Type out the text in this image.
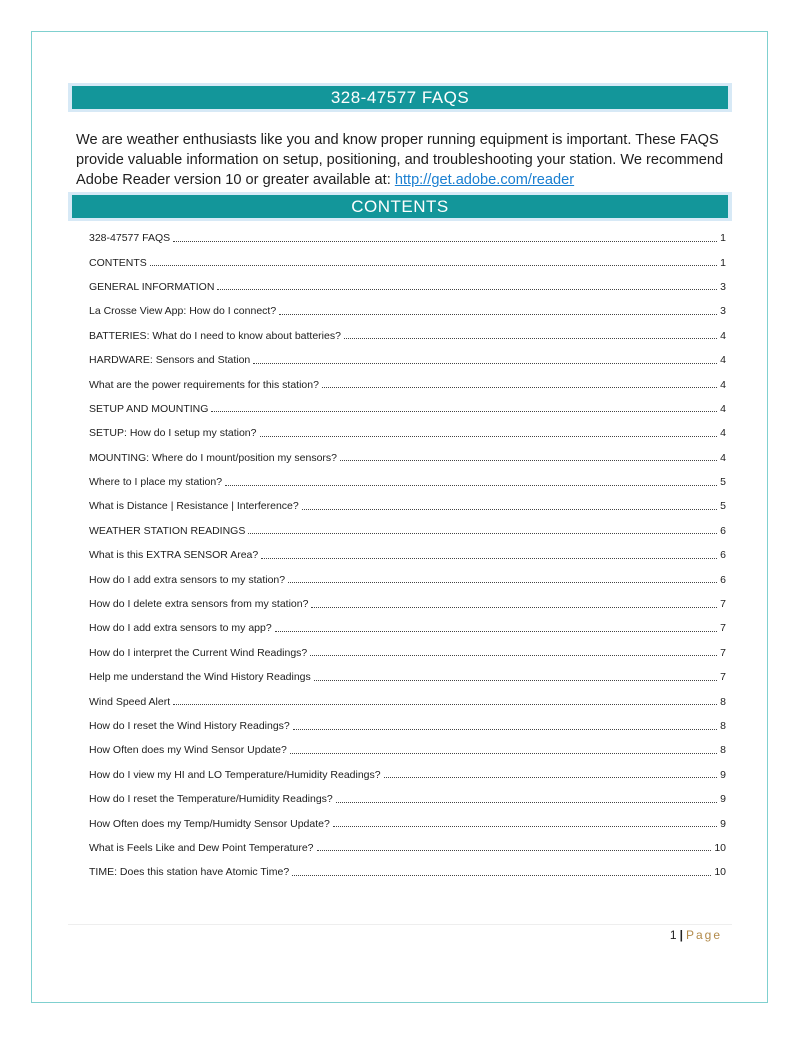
328-47577 FAQS
We are weather enthusiasts like you and know proper running equipment is important. These FAQS provide valuable information on setup, positioning, and troubleshooting your station. We recommend Adobe Reader version 10 or greater available at: http://get.adobe.com/reader
CONTENTS
328-47577 FAQS	1
CONTENTS	1
GENERAL INFORMATION	3
La Crosse View App: How do I connect?	3
BATTERIES: What do I need to know about batteries?	4
HARDWARE: Sensors and Station	4
What are the power requirements for this station?	4
SETUP AND MOUNTING	4
SETUP: How do I setup my station?	4
MOUNTING: Where do I mount/position my sensors?	4
Where to I place my station?	5
What is Distance | Resistance | Interference?	5
WEATHER STATION READINGS	6
What is this EXTRA SENSOR Area?	6
How do I add extra sensors to my station?	6
How do I delete extra sensors from my station?	7
How do I add extra sensors to my app?	7
How do I interpret the Current Wind Readings?	7
Help me understand the Wind History Readings	7
Wind Speed Alert	8
How do I reset the Wind History Readings?	8
How Often does my Wind Sensor Update?	8
How do I view my HI and LO Temperature/Humidity Readings?	9
How do I reset the Temperature/Humidity Readings?	9
How Often does my Temp/Humidty Sensor Update?	9
What is Feels Like and Dew Point Temperature?	10
TIME: Does this station have Atomic Time?	10
1 | Page
